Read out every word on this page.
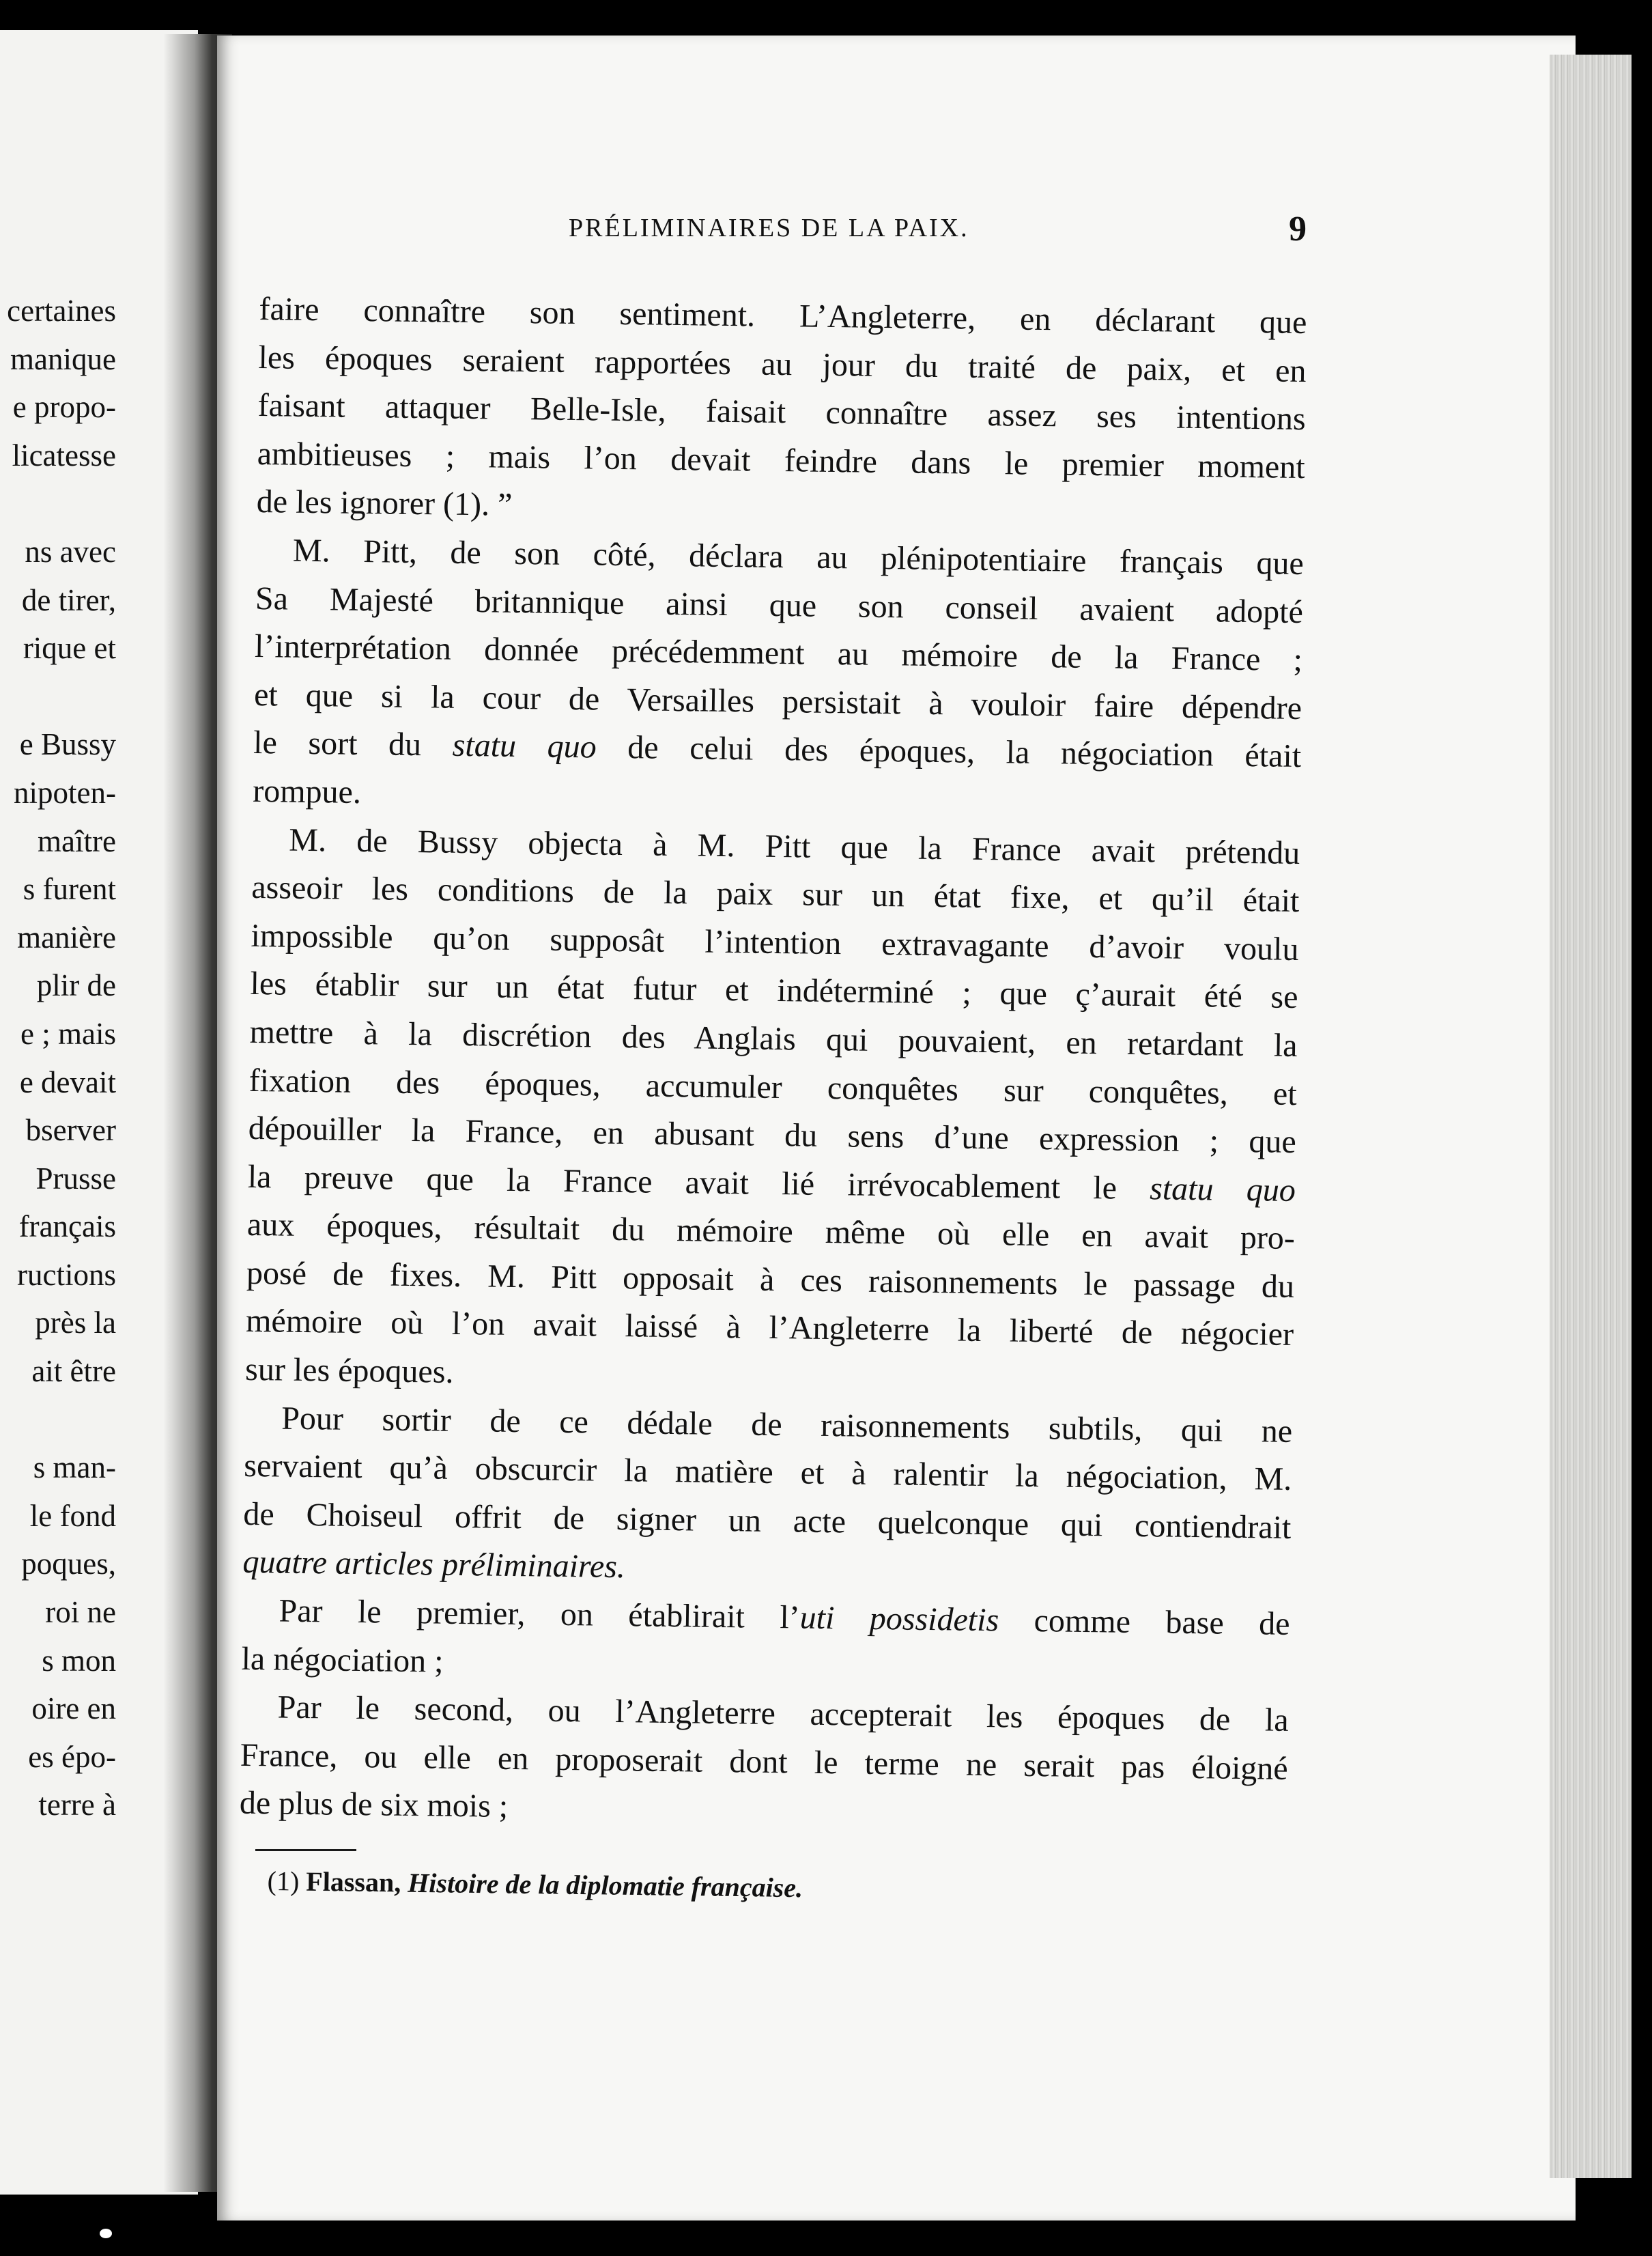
certaines
manique
e propo-
licatesse
ns avec
de tirer,
rique et
e Bussy
nipoten-
maître
s furent
manière
plir de
e ; mais
e devait
bserver
Prusse
français
ructions
près la
ait être
s man-
le fond
poques,
roi ne
s mon
oire en
es épo-
terre à
PRÉLIMINAIRES DE LA PAIX.	9
faire connaître son sentiment. L’Angleterre, en déclarant que
les époques seraient rapportées au jour du traité de paix, et en
faisant attaquer Belle-Isle, faisait connaître assez ses intentions
ambitieuses ; mais l’on devait feindre dans le premier moment
de les ignorer (1). ”
M. Pitt, de son côté, déclara au plénipotentiaire français que
Sa Majesté britannique ainsi que son conseil avaient adopté
l’interprétation donnée précédemment au mémoire de la France ;
et que si la cour de Versailles persistait à vouloir faire dépendre
le sort du statu quo de celui des époques, la négociation était
rompue.
M. de Bussy objecta à M. Pitt que la France avait prétendu
asseoir les conditions de la paix sur un état fixe, et qu’il était
impossible qu’on supposât l’intention extravagante d’avoir voulu
les établir sur un état futur et indéterminé ; que ç’aurait été se
mettre à la discrétion des Anglais qui pouvaient, en retardant la
fixation des époques, accumuler conquêtes sur conquêtes, et
dépouiller la France, en abusant du sens d’une expression ; que
la preuve que la France avait lié irrévocablement le statu quo
aux époques, résultait du mémoire même où elle en avait pro-
posé de fixes. M. Pitt opposait à ces raisonnements le passage du
mémoire où l’on avait laissé à l’Angleterre la liberté de négocier
sur les époques.
Pour sortir de ce dédale de raisonnements subtils, qui ne
servaient qu’à obscurcir la matière et à ralentir la négociation, M.
de Choiseul offrit de signer un acte quelconque qui contiendrait
quatre articles préliminaires.
Par le premier, on établirait l’uti possidetis comme base de
la négociation ;
Par le second, ou l’Angleterre accepterait les époques de la
France, ou elle en proposerait dont le terme ne serait pas éloigné
de plus de six mois ;
(1) Flassan, Histoire de la diplomatie française.
